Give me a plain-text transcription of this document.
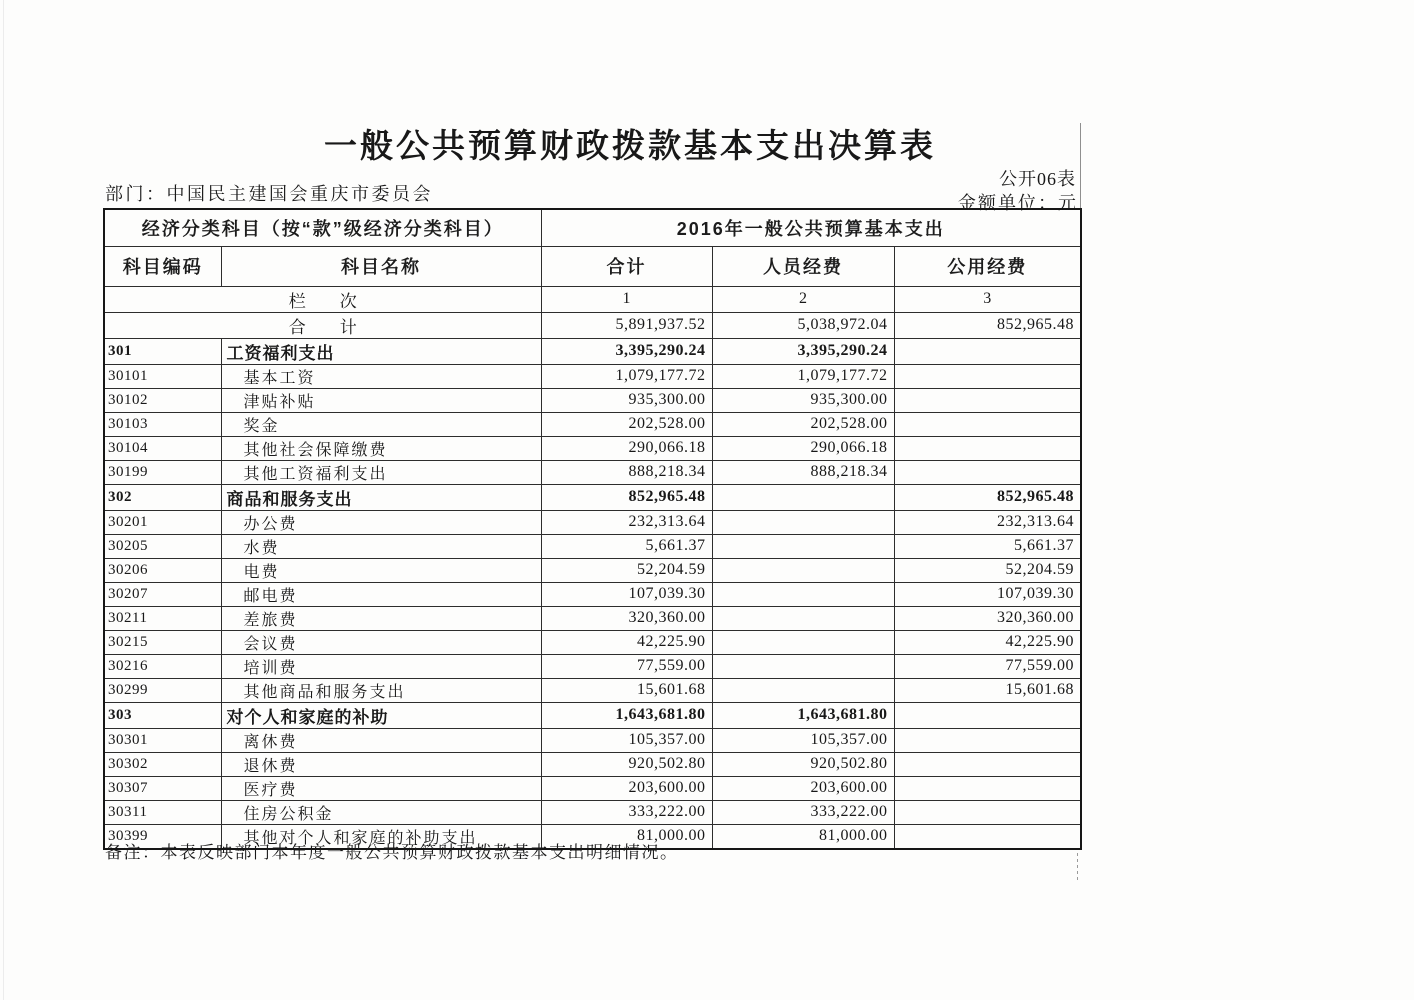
一般公共预算财政拨款基本支出决算表
公开06表
部门：中国民主建国会重庆市委员会	金额单位：元
经济分类科目（按“款”级经济分类科目）		2016年一般公共预算基本支出		
科目编码	科目名称	合计	人员经费	公用经费
栏　　次		1	2	3
合　　计		5,891,937.52	5,038,972.04	852,965.48
301	工资福利支出	3,395,290.24	3,395,290.24	
30101	基本工资	1,079,177.72	1,079,177.72	
30102	津贴补贴	935,300.00	935,300.00	
30103	奖金	202,528.00	202,528.00	
30104	其他社会保障缴费	290,066.18	290,066.18	
30199	其他工资福利支出	888,218.34	888,218.34	
302	商品和服务支出	852,965.48		852,965.48
30201	办公费	232,313.64		232,313.64
30205	水费	5,661.37		5,661.37
30206	电费	52,204.59		52,204.59
30207	邮电费	107,039.30		107,039.30
30211	差旅费	320,360.00		320,360.00
30215	会议费	42,225.90		42,225.90
30216	培训费	77,559.00		77,559.00
30299	其他商品和服务支出	15,601.68		15,601.68
303	对个人和家庭的补助	1,643,681.80	1,643,681.80	
30301	离休费	105,357.00	105,357.00	
30302	退休费	920,502.80	920,502.80	
30307	医疗费	203,600.00	203,600.00	
30311	住房公积金	333,222.00	333,222.00	
30399	其他对个人和家庭的补助支出	81,000.00	81,000.00	
备注：本表反映部门本年度一般公共预算财政拨款基本支出明细情况。
